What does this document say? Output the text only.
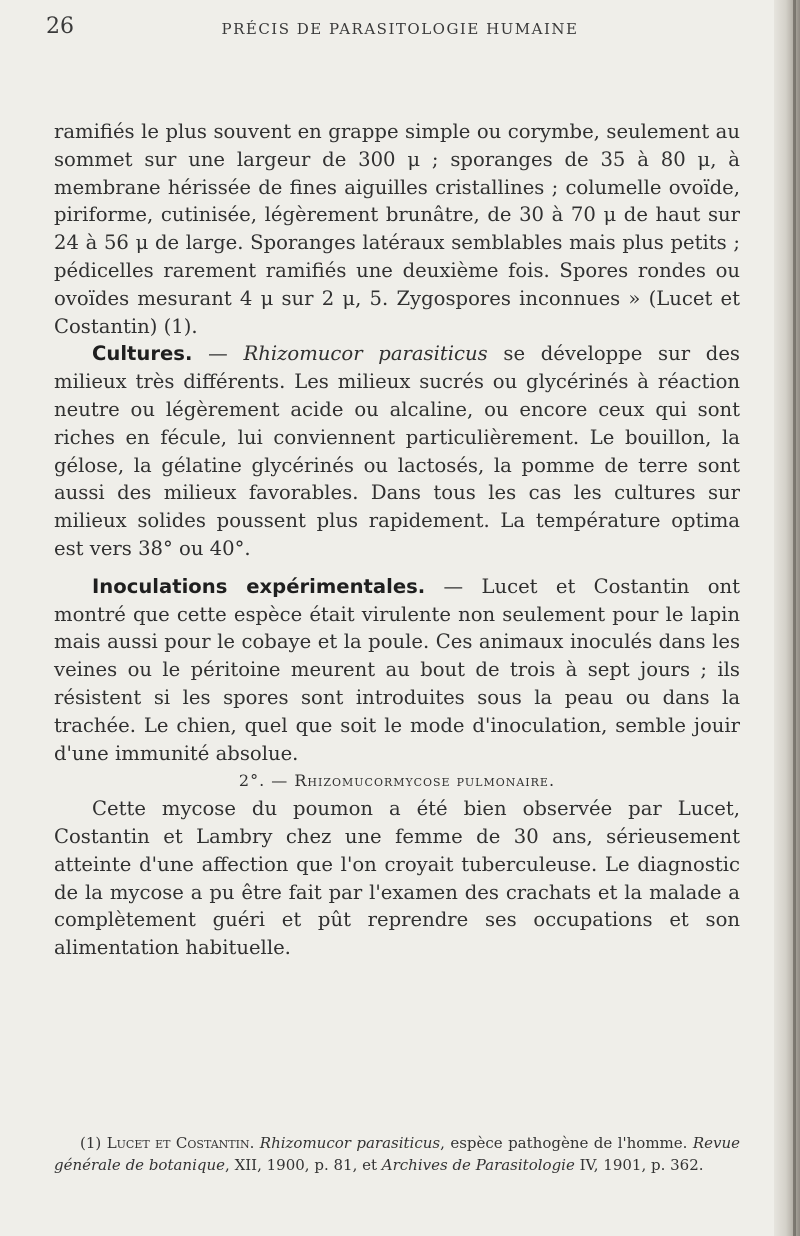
26	PRÉCIS DE PARASITOLOGIE HUMAINE

ramifiés le plus souvent en grappe simple ou corymbe, seulement au sommet sur une largeur de 300 μ ; sporanges de 35 à 80 μ, à membrane hérissée de fines aiguilles cristallines ; columelle ovoïde, piriforme, cutinisée, légèrement brunâtre, de 30 à 70 μ de haut sur 24 à 56 μ de large. Sporanges latéraux semblables mais plus petits ; pédicelles rarement ramifiés une deuxième fois. Spores rondes ou ovoïdes mesurant 4 μ sur 2 μ, 5. Zygospores inconnues » (Lucet et Costantin) (1).

Cultures. — Rhizomucor parasiticus se développe sur des milieux très différents. Les milieux sucrés ou glycérinés à réaction neutre ou légèrement acide ou alcaline, ou encore ceux qui sont riches en fécule, lui conviennent particulièrement. Le bouillon, la gélose, la gélatine glycérinés ou lactosés, la pomme de terre sont aussi des milieux favorables. Dans tous les cas les cultures sur milieux solides poussent plus rapidement. La température optima est vers 38° ou 40°.

Inoculations expérimentales. — Lucet et Costantin ont montré que cette espèce était virulente non seulement pour le lapin mais aussi pour le cobaye et la poule. Ces animaux inoculés dans les veines ou le péritoine meurent au bout de trois à sept jours ; ils résistent si les spores sont introduites sous la peau ou dans la trachée. Le chien, quel que soit le mode d'inoculation, semble jouir d'une immunité absolue.

2°. — Rhizomucormycose pulmonaire.

Cette mycose du poumon a été bien observée par Lucet, Costantin et Lambry chez une femme de 30 ans, sérieusement atteinte d'une affection que l'on croyait tuberculeuse. Le diagnostic de la mycose a pu être fait par l'examen des crachats et la malade a complètement guéri et pût reprendre ses occupations et son alimentation habituelle.

(1) Lucet et Costantin. Rhizomucor parasiticus, espèce pathogène de l'homme. Revue générale de botanique, XII, 1900, p. 81, et Archives de Parasitologie IV, 1901, p. 362.
